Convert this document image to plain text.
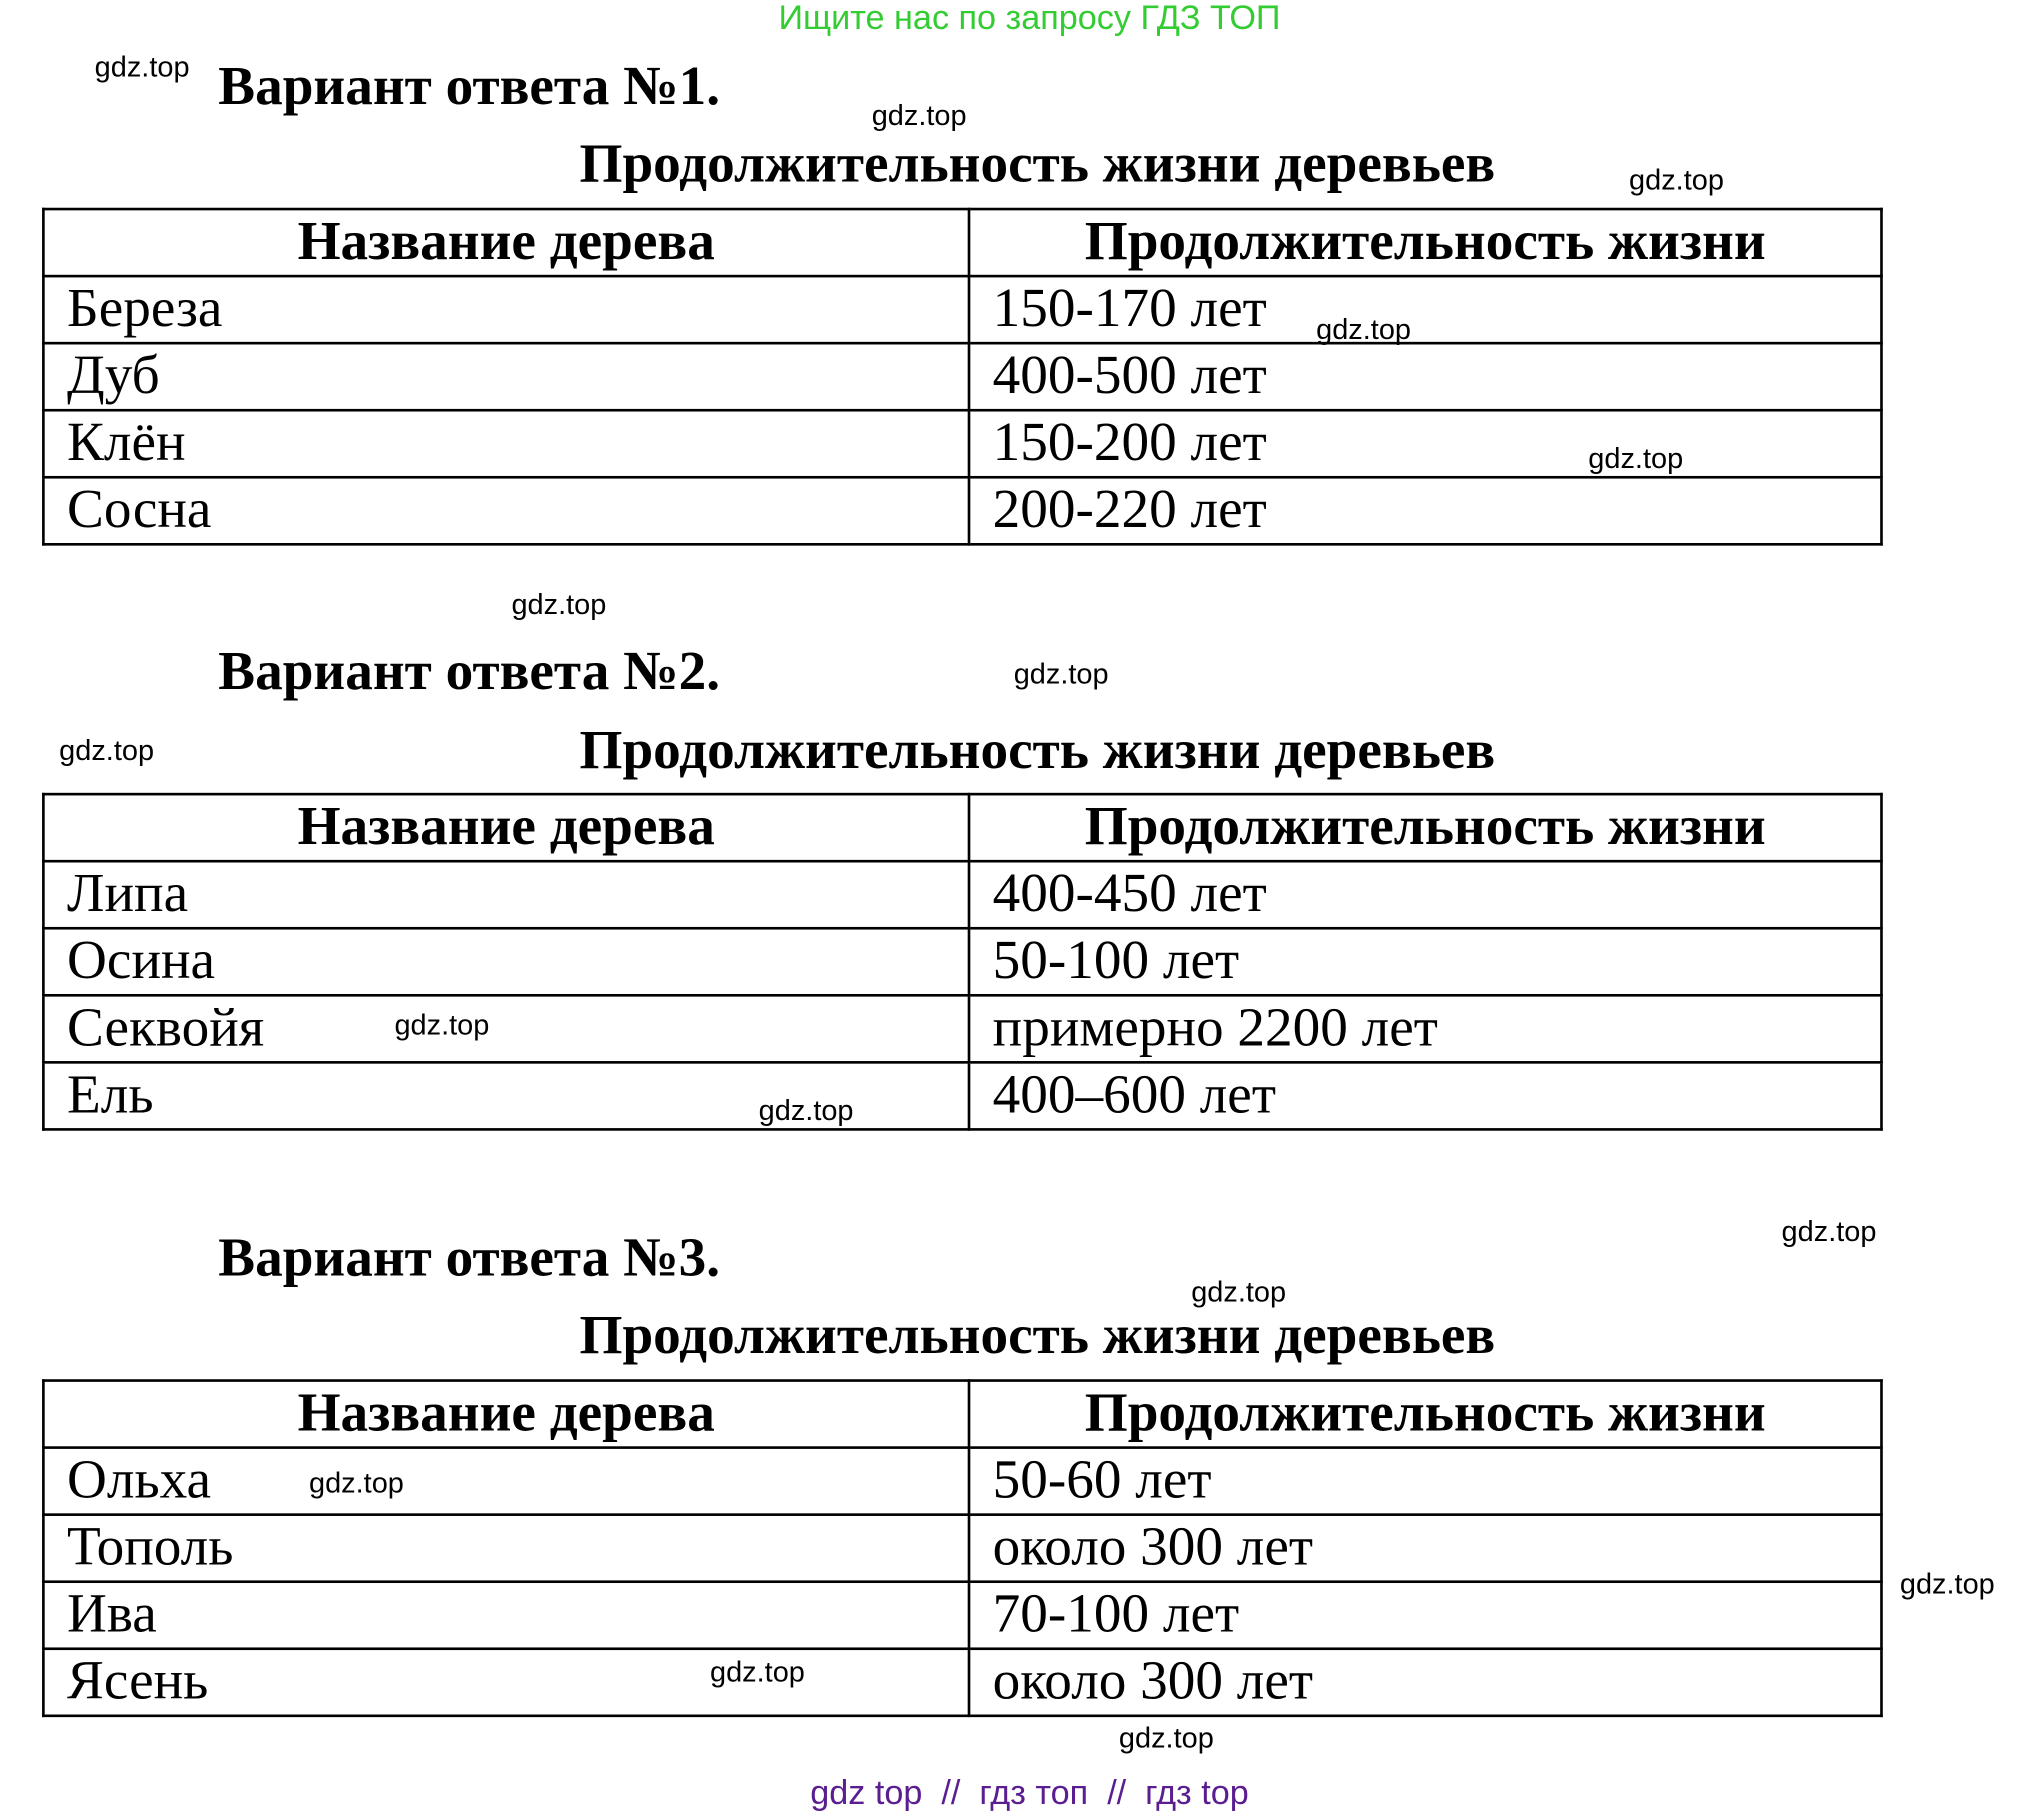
Ищите нас по запросу ГДЗ ТОП
Вариант ответа №1.
Продолжительность жизни деревьев
Название дерева	Продолжительность жизни
Береза	150-170 лет
Дуб	400-500 лет
Клён	150-200 лет
Сосна	200-220 лет
Вариант ответа №2.
Продолжительность жизни деревьев
Название дерева	Продолжительность жизни
Липа	400-450 лет
Осина	50-100 лет
Секвойя	примерно 2200 лет
Ель	400–600 лет
Вариант ответа №3.
Продолжительность жизни деревьев
Название дерева	Продолжительность жизни
Ольха	50-60 лет
Тополь	около 300 лет
Ива	70-100 лет
Ясень	около 300 лет
gdz.top
gdz.top
gdz.top
gdz.top
gdz.top
gdz.top
gdz.top
gdz.top
gdz.top
gdz.top
gdz.top
gdz.top
gdz.top
gdz.top
gdz.top
gdz.top
gdz top  //  гдз топ  //  гдз top
